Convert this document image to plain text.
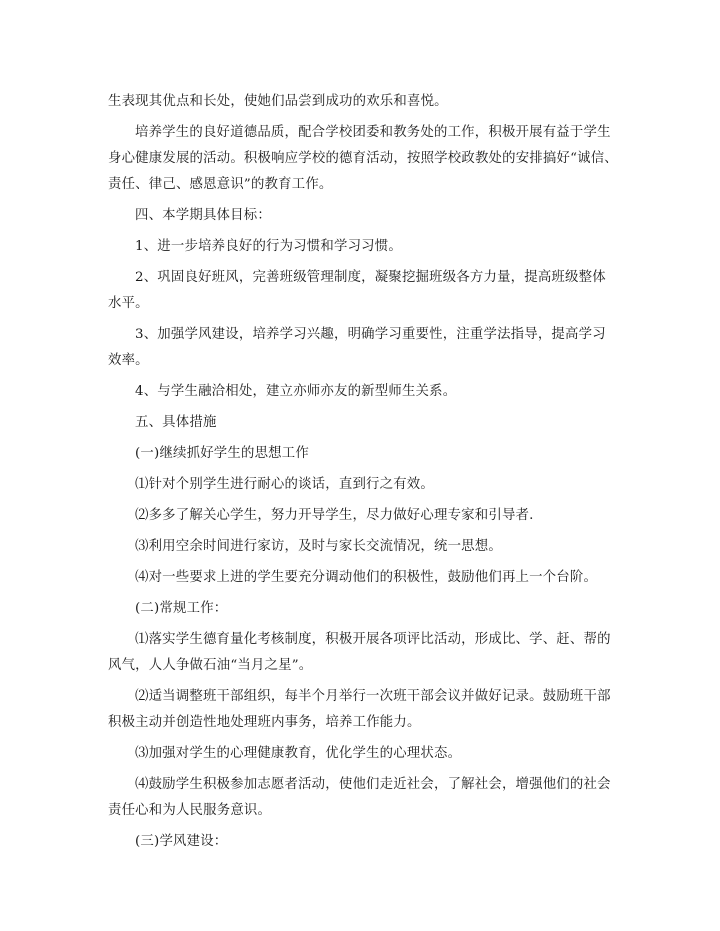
生表现其优点和长处，使她们品尝到成功的欢乐和喜悦。

培养学生的良好道德品质，配合学校团委和教务处的工作，积极开展有益于学生身心健康发展的活动。积极响应学校的德育活动，按照学校政教处的安排搞好“诚信、责任、律己、感恩意识”的教育工作。

四、本学期具体目标：

1、进一步培养良好的行为习惯和学习习惯。

2、巩固良好班风，完善班级管理制度，凝聚挖掘班级各方力量，提高班级整体水平。

3、加强学风建设，培养学习兴趣，明确学习重要性，注重学法指导，提高学习效率。

4、与学生融洽相处，建立亦师亦友的新型师生关系。

五、具体措施

(一)继续抓好学生的思想工作

⑴针对个别学生进行耐心的谈话，直到行之有效。

⑵多多了解关心学生，努力开导学生，尽力做好心理专家和引导者.

⑶利用空余时间进行家访，及时与家长交流情况，统一思想。

⑷对一些要求上进的学生要充分调动他们的积极性，鼓励他们再上一个台阶。

(二)常规工作：

⑴落实学生德育量化考核制度，积极开展各项评比活动，形成比、学、赶、帮的风气，人人争做石油“当月之星”。

⑵适当调整班干部组织，每半个月举行一次班干部会议并做好记录。鼓励班干部积极主动并创造性地处理班内事务，培养工作能力。

⑶加强对学生的心理健康教育，优化学生的心理状态。

⑷鼓励学生积极参加志愿者活动，使他们走近社会，了解社会，增强他们的社会责任心和为人民服务意识。

(三)学风建设：
